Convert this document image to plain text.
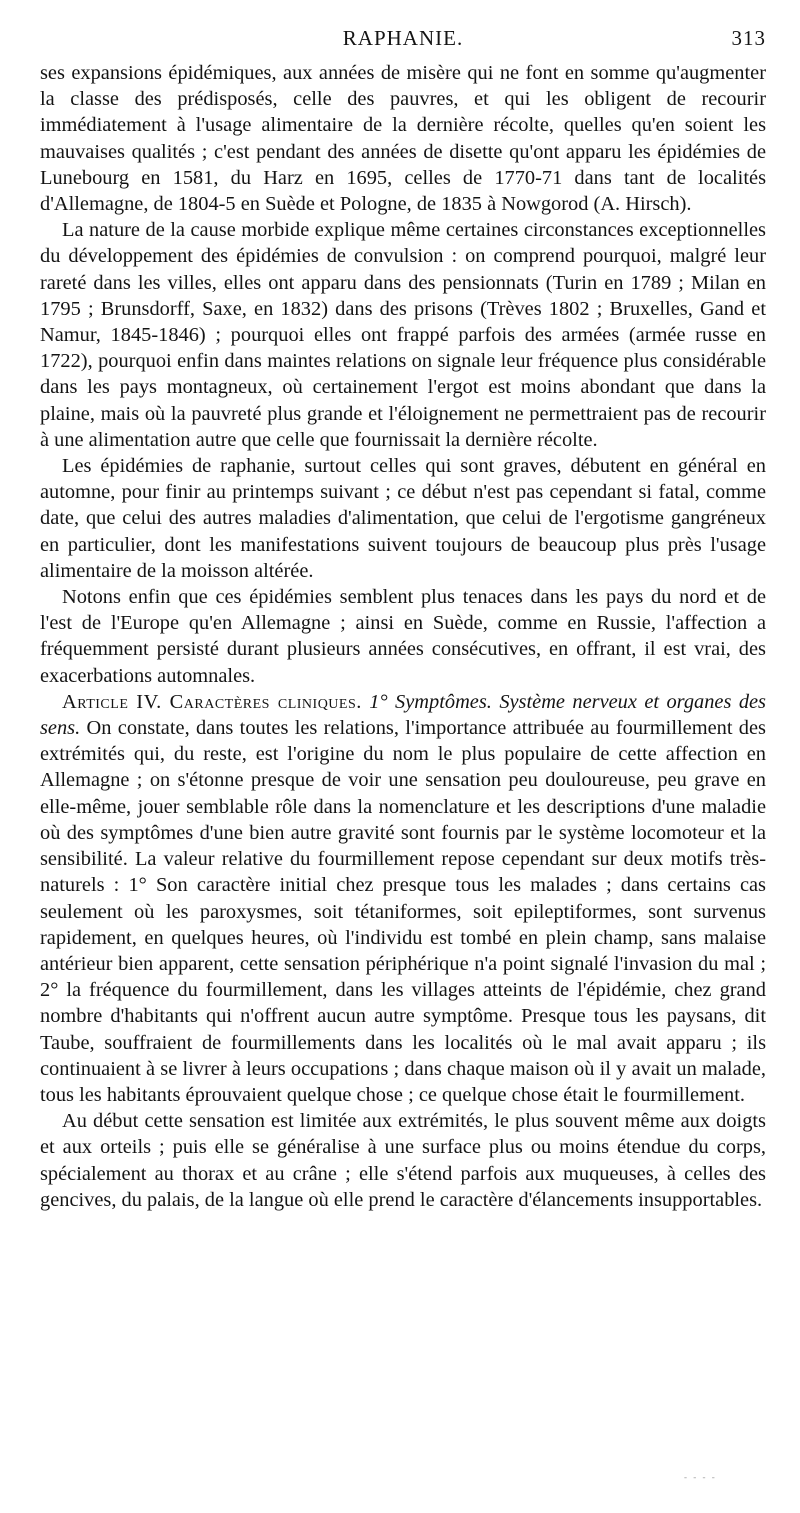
RAPHANIE.	313

ses expansions épidémiques, aux années de misère qui ne font en somme qu'augmenter la classe des prédisposés, celle des pauvres, et qui les obligent de recourir immédiatement à l'usage alimentaire de la dernière récolte, quelles qu'en soient les mauvaises qualités ; c'est pendant des années de disette qu'ont apparu les épidémies de Lunebourg en 1581, du Harz en 1695, celles de 1770-71 dans tant de localités d'Allemagne, de 1804-5 en Suède et Pologne, de 1835 à Nowgorod (A. Hirsch).

La nature de la cause morbide explique même certaines circonstances exceptionnelles du développement des épidémies de convulsion : on comprend pourquoi, malgré leur rareté dans les villes, elles ont apparu dans des pensionnats (Turin en 1789 ; Milan en 1795 ; Brunsdorff, Saxe, en 1832) dans des prisons (Trèves 1802 ; Bruxelles, Gand et Namur, 1845-1846) ; pourquoi elles ont frappé parfois des armées (armée russe en 1722), pourquoi enfin dans maintes relations on signale leur fréquence plus considérable dans les pays montagneux, où certainement l'ergot est moins abondant que dans la plaine, mais où la pauvreté plus grande et l'éloignement ne permettraient pas de recourir à une alimentation autre que celle que fournissait la dernière récolte.

Les épidémies de raphanie, surtout celles qui sont graves, débutent en général en automne, pour finir au printemps suivant ; ce début n'est pas cependant si fatal, comme date, que celui des autres maladies d'alimentation, que celui de l'ergotisme gangréneux en particulier, dont les manifestations suivent toujours de beaucoup plus près l'usage alimentaire de la moisson altérée.

Notons enfin que ces épidémies semblent plus tenaces dans les pays du nord et de l'est de l'Europe qu'en Allemagne ; ainsi en Suède, comme en Russie, l'affection a fréquemment persisté durant plusieurs années consécutives, en offrant, il est vrai, des exacerbations automnales.

Article IV. Caractères cliniques. 1° Symptômes. Système nerveux et organes des sens. On constate, dans toutes les relations, l'importance attribuée au fourmillement des extrémités qui, du reste, est l'origine du nom le plus populaire de cette affection en Allemagne ; on s'étonne presque de voir une sensation peu douloureuse, peu grave en elle-même, jouer semblable rôle dans la nomenclature et les descriptions d'une maladie où des symptômes d'une bien autre gravité sont fournis par le système locomoteur et la sensibilité. La valeur relative du fourmillement repose cependant sur deux motifs très-naturels : 1° Son caractère initial chez presque tous les malades ; dans certains cas seulement où les paroxysmes, soit tétaniformes, soit epileptiformes, sont survenus rapidement, en quelques heures, où l'individu est tombé en plein champ, sans malaise antérieur bien apparent, cette sensation périphérique n'a point signalé l'invasion du mal ; 2° la fréquence du fourmillement, dans les villages atteints de l'épidémie, chez grand nombre d'habitants qui n'offrent aucun autre symptôme. Presque tous les paysans, dit Taube, souffraient de fourmillements dans les localités où le mal avait apparu ; ils continuaient à se livrer à leurs occupations ; dans chaque maison où il y avait un malade, tous les habitants éprouvaient quelque chose ; ce quelque chose était le fourmillement.

Au début cette sensation est limitée aux extrémités, le plus souvent même aux doigts et aux orteils ; puis elle se généralise à une surface plus ou moins étendue du corps, spécialement au thorax et au crâne ; elle s'étend parfois aux muqueuses, à celles des gencives, du palais, de la langue où elle prend le caractère d'élancements insupportables.

- - - -
